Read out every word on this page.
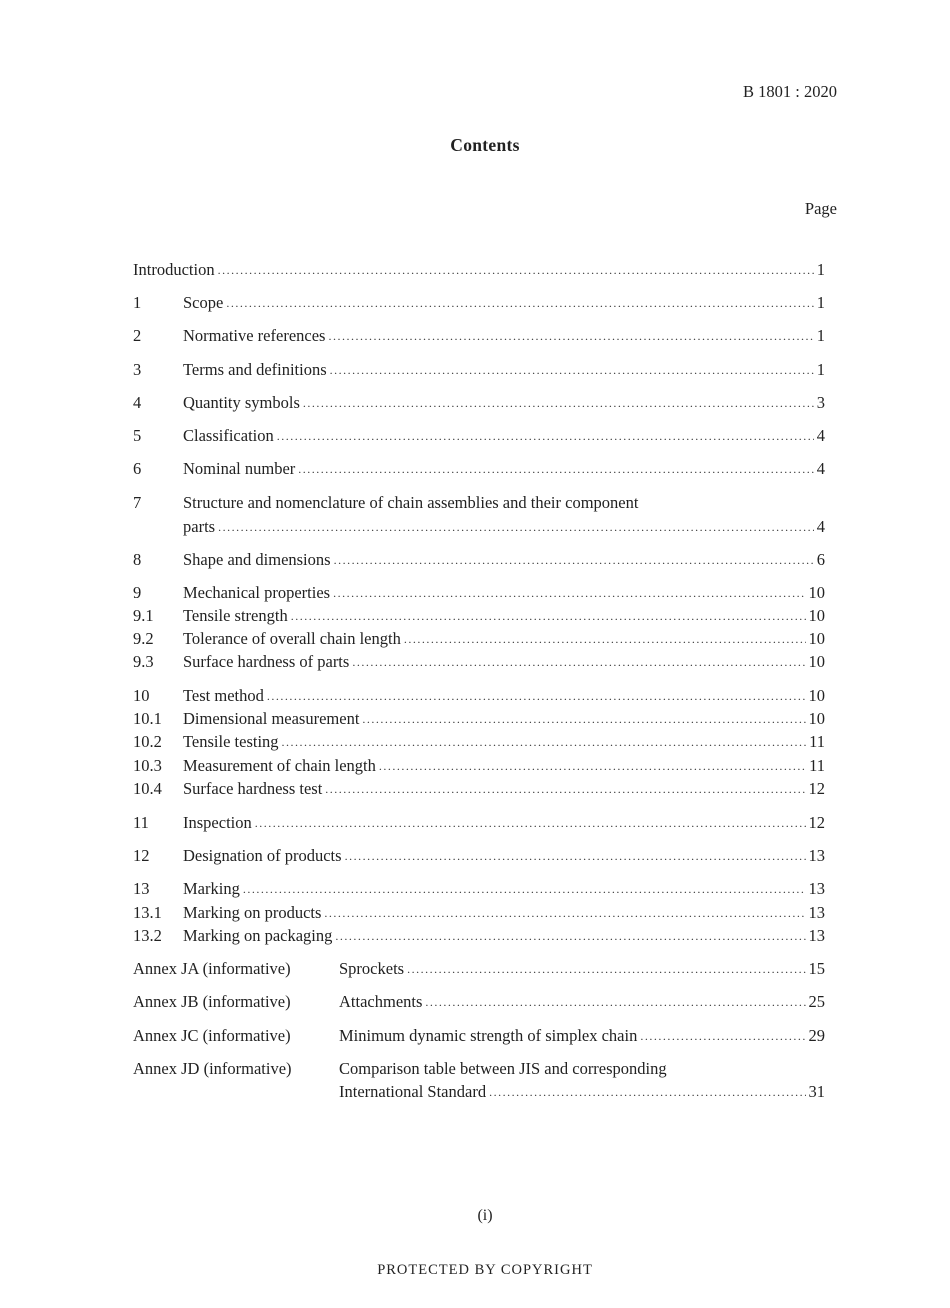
B 1801 : 2020
Contents
Page
Introduction .....	1
1	Scope .....	1
2	Normative references .....	1
3	Terms and definitions .....	1
4	Quantity symbols .....	3
5	Classification .....	4
6	Nominal number .....	4
7	Structure and nomenclature of chain assemblies and their component
parts .....	4
8	Shape and dimensions .....	6
9	Mechanical properties .....	10
9.1	Tensile strength .....	10
9.2	Tolerance of overall chain length .....	10
9.3	Surface hardness of parts .....	10
10	Test method .....	10
10.1	Dimensional measurement .....	10
10.2	Tensile testing .....	11
10.3	Measurement of chain length .....	11
10.4	Surface hardness test .....	12
11	Inspection .....	12
12	Designation of products .....	13
13	Marking .....	13
13.1	Marking on products .....	13
13.2	Marking on packaging .....	13
Annex JA (informative)	Sprockets .....	15
Annex JB (informative)	Attachments .....	25
Annex JC (informative)	Minimum dynamic strength of simplex chain .....	29
Annex JD (informative)	Comparison table between JIS and corresponding
International Standard .....	31
(i)
PROTECTED BY COPYRIGHT
